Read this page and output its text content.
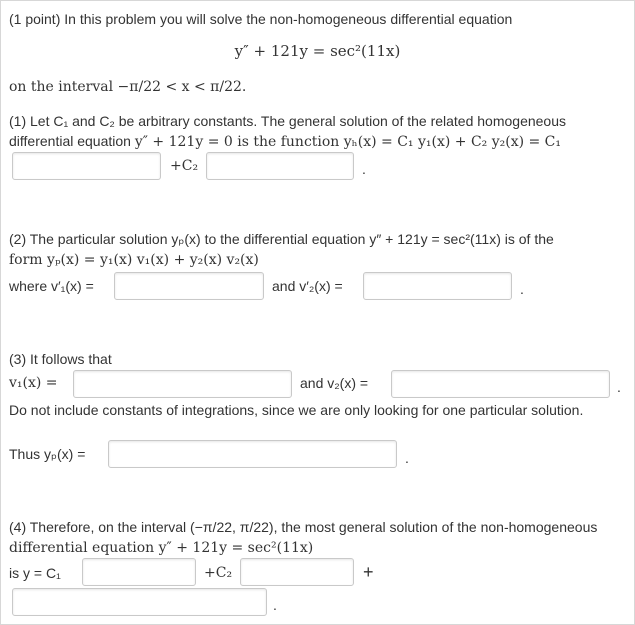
(1 point) In this problem you will solve the non-homogeneous differential equation
y″ + 121y = sec²(11x)
on the interval −π/22 < x < π/22.
(1) Let C₁ and C₂ be arbitrary constants. The general solution of the related homogeneous
differential equation y″ + 121y = 0 is the function yₕ(x) = C₁ y₁(x) + C₂ y₂(x) = C₁
+C₂	.
(2) The particular solution yₚ(x) to the differential equation y″ + 121y = sec²(11x) is of the
form yₚ(x) = y₁(x) v₁(x) + y₂(x) v₂(x)
where v′₁(x) =	and v′₂(x) =	.
(3) It follows that
v₁(x) =	and v₂(x) =	.
Do not include constants of integrations, since we are only looking for one particular solution.
Thus yₚ(x) =	.
(4) Therefore, on the interval (−π/22, π/22), the most general solution of the non-homogeneous
differential equation y″ + 121y = sec²(11x)
is y = C₁	+C₂	+
.
